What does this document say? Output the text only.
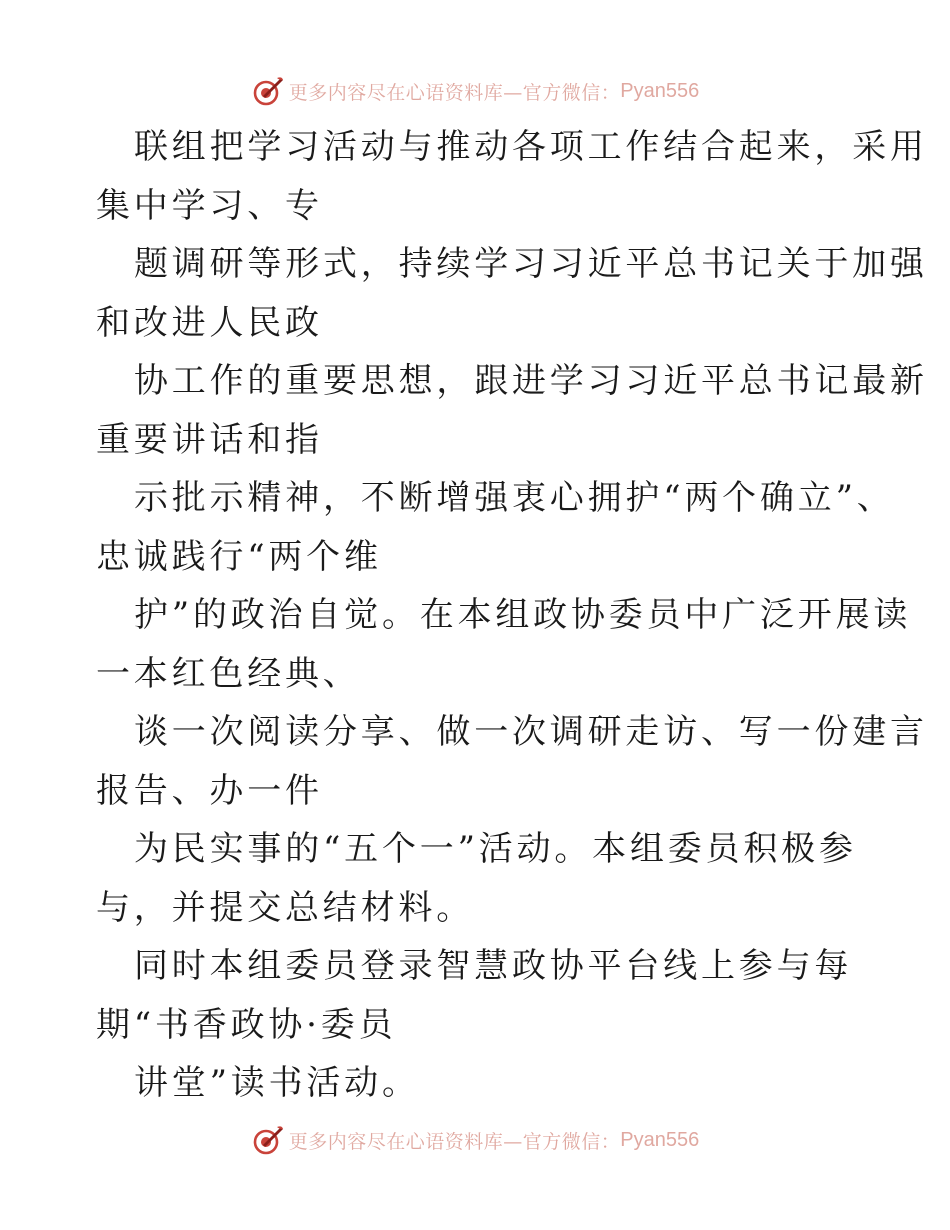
更多内容尽在心语资料库—官方微信： Pyan556
联组把学习活动与推动各项工作结合起来，采用
集中学习、专
题调研等形式，持续学习习近平总书记关于加强
和改进人民政
协工作的重要思想，跟进学习习近平总书记最新
重要讲话和指
示批示精神，不断增强衷心拥护“两个确立”、
忠诚践行“两个维
护”的政治自觉。在本组政协委员中广泛开展读
一本红色经典、
谈一次阅读分享、做一次调研走访、写一份建言
报告、办一件
为民实事的“五个一”活动。本组委员积极参
与，并提交总结材料。
同时本组委员登录智慧政协平台线上参与每
期“书香政协·委员
讲堂”读书活动。
更多内容尽在心语资料库—官方微信： Pyan556
